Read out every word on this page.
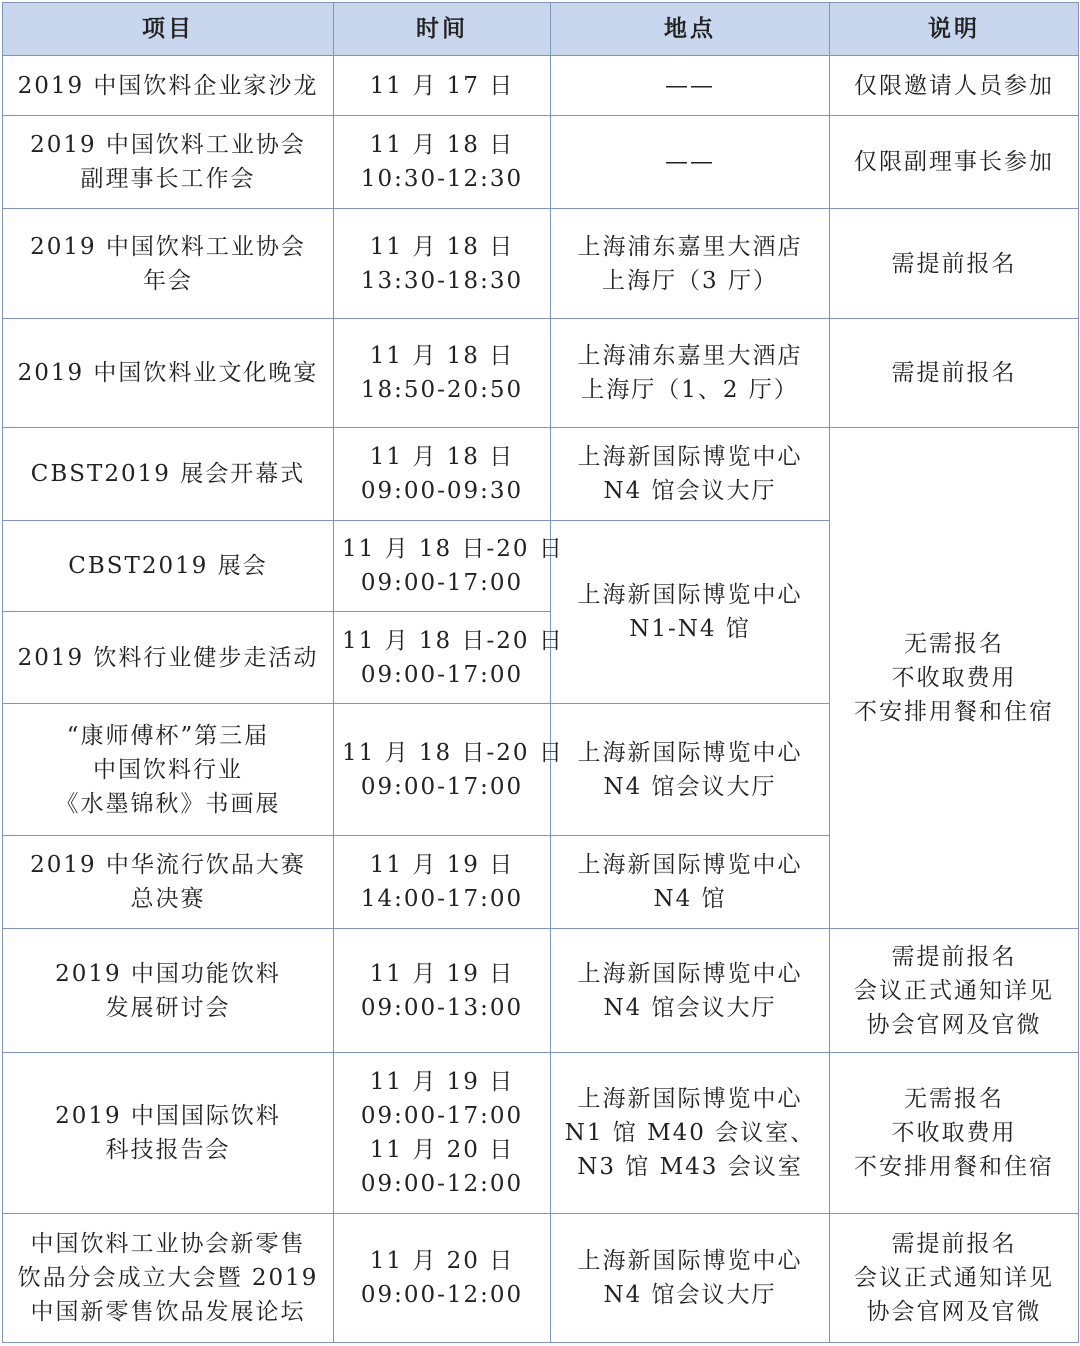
项目	时间	地点	说明

2019 中国饮料企业家沙龙	11 月 17 日	——	仅限邀请人员参加

2019 中国饮料工业协会
副理事长工作会	11 月 18 日
10:30-12:30	——	仅限副理事长参加

2019 中国饮料工业协会
年会	11 月 18 日
13:30-18:30	上海浦东嘉里大酒店
上海厅（3 厅）	需提前报名

2019 中国饮料业文化晚宴	11 月 18 日
18:50-20:50	上海浦东嘉里大酒店
上海厅（1、2 厅）	需提前报名

CBST2019 展会开幕式	11 月 18 日
09:00-09:30	上海新国际博览中心
N4 馆会议大厅	无需报名
不收取费用
不安排用餐和住宿

CBST2019 展会	11 月 18 日-20 日
09:00-17:00	上海新国际博览中心
N1-N4 馆	

2019 饮料行业健步走活动	11 月 18 日-20 日
09:00-17:00		

“康师傅杯”第三届
中国饮料行业
《水墨锦秋》书画展	11 月 18 日-20 日
09:00-17:00	上海新国际博览中心
N4 馆会议大厅	

2019 中华流行饮品大赛
总决赛	11 月 19 日
14:00-17:00	上海新国际博览中心
N4 馆	

2019 中国功能饮料
发展研讨会	11 月 19 日
09:00-13:00	上海新国际博览中心
N4 馆会议大厅	需提前报名
会议正式通知详见
协会官网及官微

2019 中国国际饮料
科技报告会	11 月 19 日
09:00-17:00
11 月 20 日
09:00-12:00	上海新国际博览中心
N1 馆 M40 会议室、
N3 馆 M43 会议室	无需报名
不收取费用
不安排用餐和住宿

中国饮料工业协会新零售
饮品分会成立大会暨 2019
中国新零售饮品发展论坛	11 月 20 日
09:00-12:00	上海新国际博览中心
N4 馆会议大厅	需提前报名
会议正式通知详见
协会官网及官微
